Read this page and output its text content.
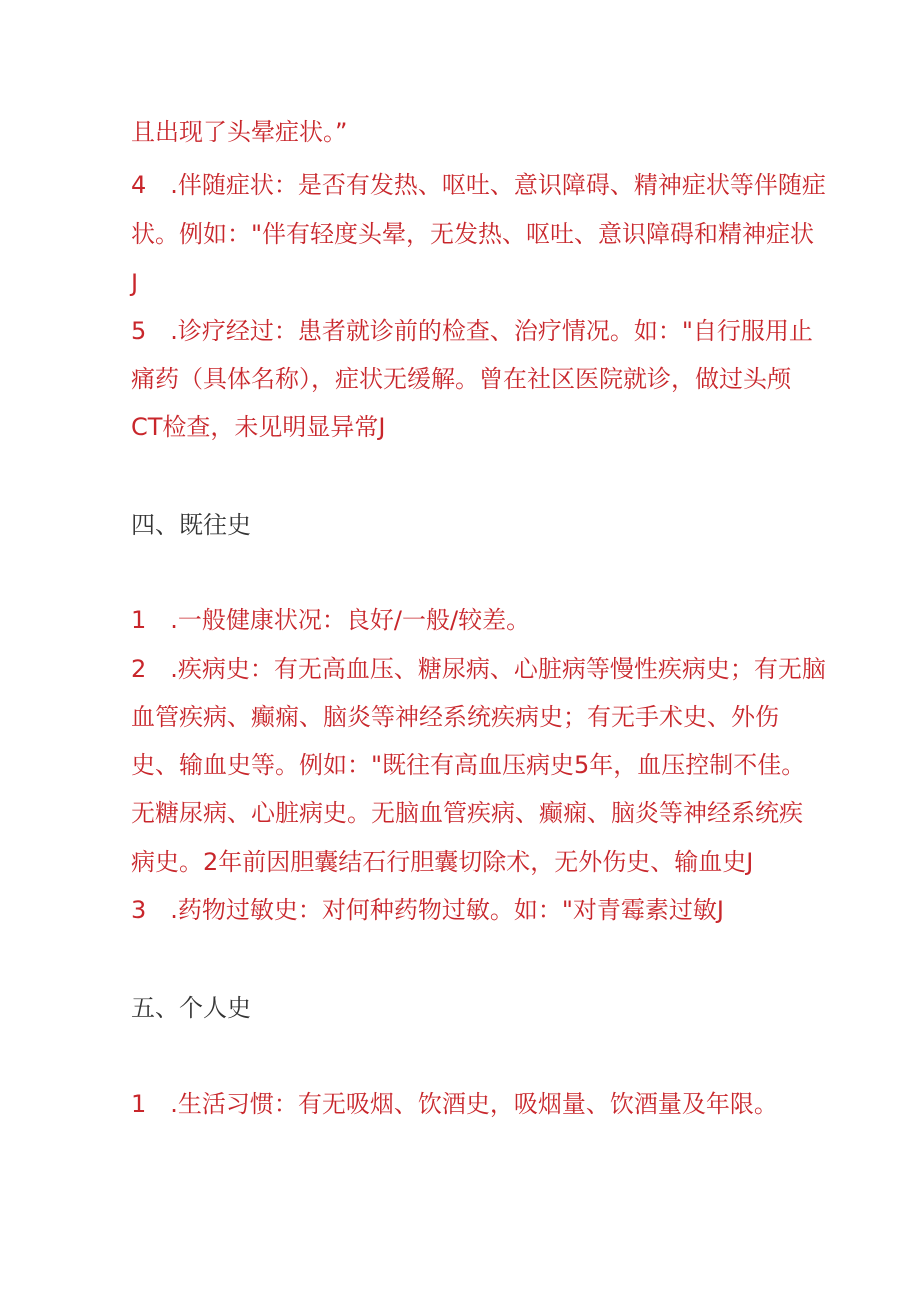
且出现了头晕症状。”
4　.伴随症状：是否有发热、呕吐、意识障碍、精神症状等伴随症
状。例如："伴有轻度头晕，无发热、呕吐、意识障碍和精神症状
J
5　.诊疗经过：患者就诊前的检查、治疗情况。如："自行服用止
痛药（具体名称），症状无缓解。曾在社区医院就诊，做过头颅
CT检查，未见明显异常J
四、既往史
1　.一般健康状况：良好/一般/较差。
2　.疾病史：有无高血压、糖尿病、心脏病等慢性疾病史；有无脑
血管疾病、癫痫、脑炎等神经系统疾病史；有无手术史、外伤
史、输血史等。例如："既往有高血压病史5年，血压控制不佳。
无糖尿病、心脏病史。无脑血管疾病、癫痫、脑炎等神经系统疾
病史。2年前因胆囊结石行胆囊切除术，无外伤史、输血史J
3　.药物过敏史：对何种药物过敏。如："对青霉素过敏J
五、个人史
1　.生活习惯：有无吸烟、饮酒史，吸烟量、饮酒量及年限。
